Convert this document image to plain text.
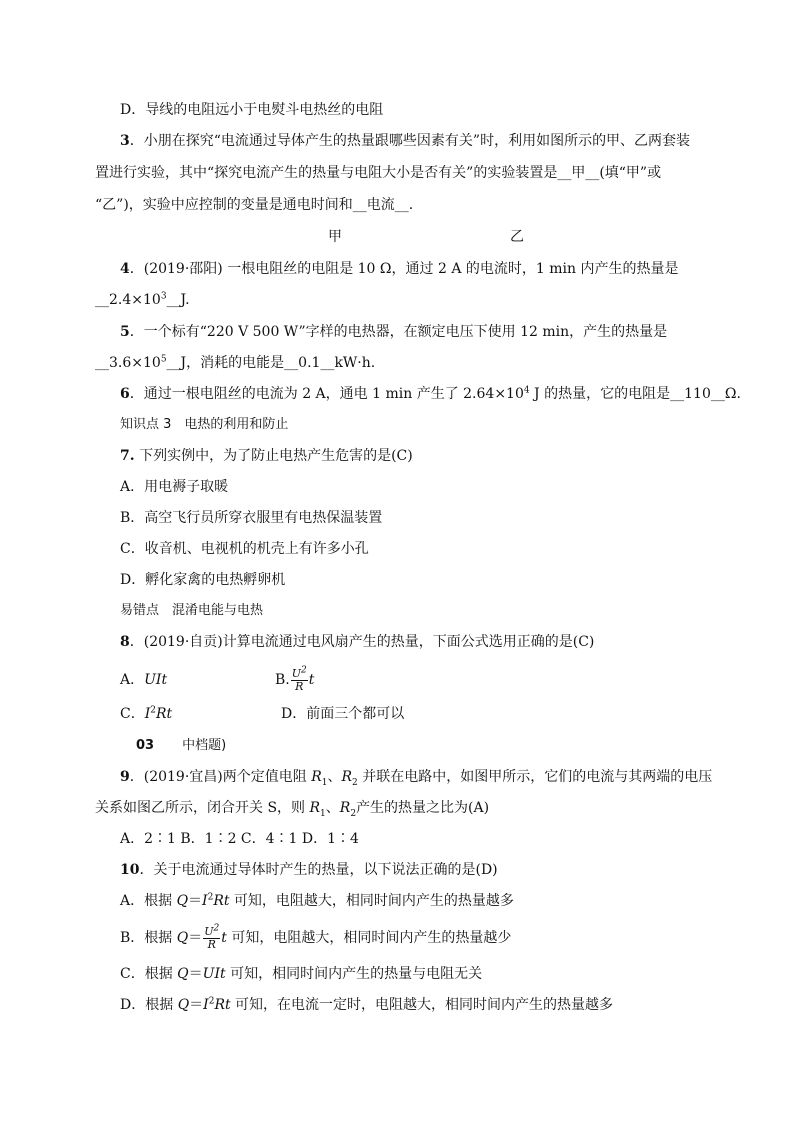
D．导线的电阻远小于电熨斗电热丝的电阻
3．小朋在探究“电流通过导体产生的热量跟哪些因素有关”时，利用如图所示的甲、乙两套装
置进行实验，其中“探究电流产生的热量与电阻大小是否有关”的实验装置是__甲__(填“甲”或
“乙”)，实验中应控制的变量是通电时间和__电流__.
甲	乙
4．(2019·邵阳) 一根电阻丝的电阻是 10 Ω，通过 2 A 的电流时，1 min 内产生的热量是
$\_\_2.4\times 10^3\_\_J$.
5．一个标有“220 V 500 W”字样的电热器，在额定电压下使用 12 min，产生的热量是
$\_\_3.6\times 10^5\_\_J$，消耗的电能是__0.1__kW·h.
6．通过一根电阻丝的电流为 2 A，通电 1 min 产生了 $2.64\times 10^4$ J 的热量，它的电阻是__110__Ω.
知识点 3　电热的利用和防止
7. 下列实例中，为了防止电热产生危害的是(C)
A．用电褥子取暖
B．高空飞行员所穿衣服里有电热保温装置
C．收音机、电视机的机壳上有许多小孔
D．孵化家禽的电热孵卵机
易错点　混淆电能与电热
8．(2019·自贡)计算电流通过电风扇产生的热量，下面公式选用正确的是(C)
A．UIt	B. $\frac{U^2}{R}$ t
C．$I^2Rt$	D．前面三个都可以
03 中档题)
9．(2019·宜昌)两个定值电阻 $R_1$、$R_2$ 并联在电路中，如图甲所示，它们的电流与其两端的电压
关系如图乙所示，闭合开关 S，则 $R_1$、$R_2$产生的热量之比为(A)
A．2∶1 B．1∶2 C．4∶1 D．1∶4
10．关于电流通过导体时产生的热量，以下说法正确的是(D)
A．根据 $Q=I^2Rt$ 可知，电阻越大，相同时间内产生的热量越多
B．根据 $Q= \frac{U^2}{R}$ t 可知，电阻越大，相同时间内产生的热量越少
C．根据 Q＝UIt 可知，相同时间内产生的热量与电阻无关
D．根据 $Q=I^2Rt$ 可知，在电流一定时，电阻越大，相同时间内产生的热量越多
